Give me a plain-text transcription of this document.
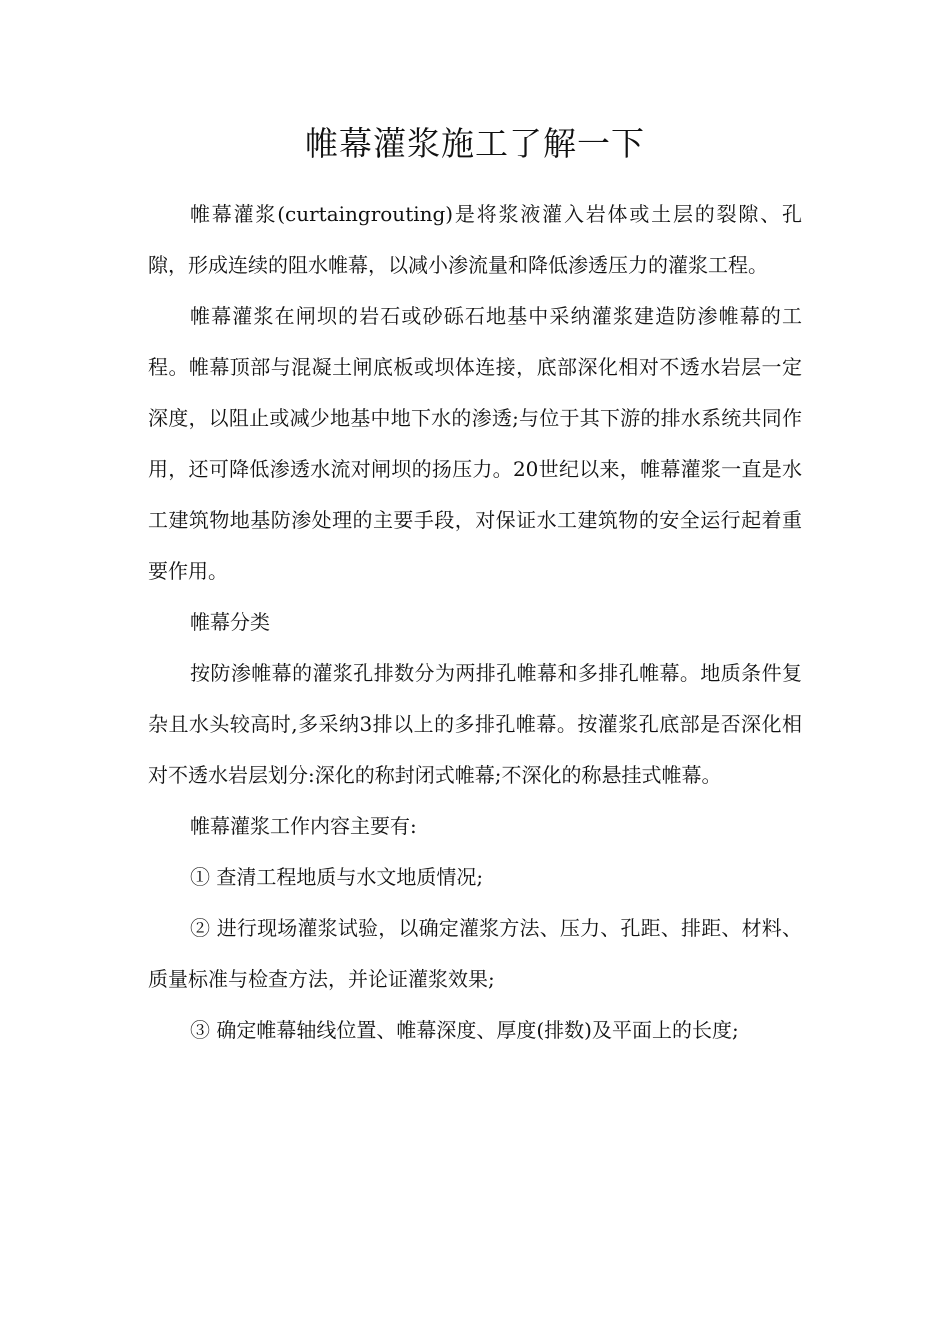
帷幕灌浆施工了解一下

帷幕灌浆(curtaingrouting)是将浆液灌入岩体或土层的裂隙、孔隙，形成连续的阻水帷幕，以减小渗流量和降低渗透压力的灌浆工程。

帷幕灌浆在闸坝的岩石或砂砾石地基中采纳灌浆建造防渗帷幕的工程。帷幕顶部与混凝土闸底板或坝体连接，底部深化相对不透水岩层一定深度，以阻止或减少地基中地下水的渗透;与位于其下游的排水系统共同作用，还可降低渗透水流对闸坝的扬压力。20世纪以来，帷幕灌浆一直是水工建筑物地基防渗处理的主要手段，对保证水工建筑物的安全运行起着重要作用。

帷幕分类

按防渗帷幕的灌浆孔排数分为两排孔帷幕和多排孔帷幕。地质条件复杂且水头较高时,多采纳3排以上的多排孔帷幕。按灌浆孔底部是否深化相对不透水岩层划分:深化的称封闭式帷幕;不深化的称悬挂式帷幕。

帷幕灌浆工作内容主要有:

① 查清工程地质与水文地质情况;

② 进行现场灌浆试验，以确定灌浆方法、压力、孔距、排距、材料、质量标准与检查方法，并论证灌浆效果;

③ 确定帷幕轴线位置、帷幕深度、厚度(排数)及平面上的长度;
